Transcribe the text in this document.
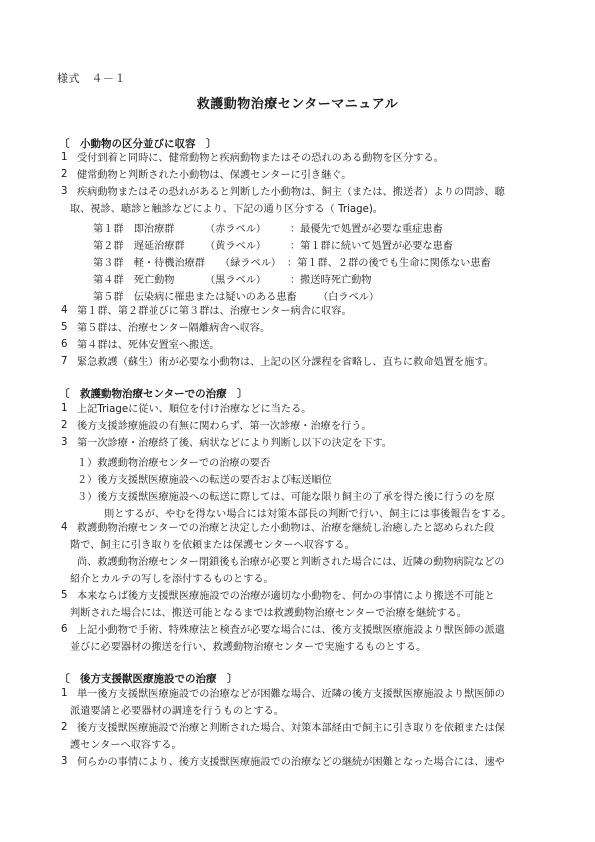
様式　４－１
救護動物治療センターマニュアル
〔　小動物の区分並びに収容　〕
1 受付到着と同時に、健常動物と疾病動物またはその恐れのある動物を区分する。
2 健常動物と判断された小動物は、保護センターに引き継ぐ。
3 疾病動物またはその恐れがあると判断した小動物は、飼主（または、搬送者）よりの問診、聴
取、視診、聴診と触診などにより、下記の通り区分する（ Triage)。
第１群　即治療群	（赤ラベル） ：最優先で処置が必要な重症患畜
第２群　遅延治療群 （黄ラベル） ：第１群に続いて処置が必要な患畜
第３群　軽・待機治療群 （緑ラベル） ：第１群、２群の後でも生命に関係ない患畜
第４群　死亡動物	（黒ラベル） ：搬送時死亡動物
第５群　伝染病に罹患または疑いのある患畜 （白ラベル）
4 第１群、第２群並びに第３群は、治療センター病舎に収容。
5 第５群は、治療センター隔離病舎へ収容。
6 第４群は、死体安置室へ搬送。
7 緊急救護（蘇生）術が必要な小動物は、上記の区分課程を省略し、直ちに救命処置を施す。
〔　救護動物治療センターでの治療　〕
1 上記Triageに従い、順位を付け治療などに当たる。
2 後方支援診療施設の有無に関わらず、第一次診療・治療を行う。
3 第一次診療・治療終了後、病状などにより判断し以下の決定を下す。
１）救護動物治療センターでの治療の要否
２）後方支援獣医療施設への転送の要否および転送順位
３）後方支援獣医療施設への転送に際しては、可能な限り飼主の了承を得た後に行うのを原
則とするが、やむを得ない場合には対策本部長の判断で行い、飼主には事後報告をする。
4 救護動物治療センターでの治療と決定した小動物は、治療を継続し治癒したと認められた段
階で、飼主に引き取りを依頼または保護センターへ収容する。
尚、救護動物治療センター閉鎖後も治療が必要と判断された場合には、近隣の動物病院などの
紹介とカルテの写しを添付するものとする。
5 本来ならば後方支援獣医療施設での治療が適切な小動物を、何かの事情により搬送不可能と
判断された場合には、搬送可能となるまでは救護動物治療センターで治療を継続する。
6 上記小動物で手術、特殊療法と検査が必要な場合には、後方支援獣医療施設より獣医師の派遣
並びに必要器材の搬送を行い、救護動物治療センターで実施するものとする。
〔　後方支援獣医療施設での治療　〕
1 単一後方支援獣医療施設での治療などが困難な場合、近隣の後方支援獣医療施設より獣医師の
派遣要請と必要器材の調達を行うものとする。
2 後方支援獣医療施設で治療と判断された場合、対策本部経由で飼主に引き取りを依頼または保
護センターへ収容する。
3 何らかの事情により、後方支援獣医療施設での治療などの継続が困難となった場合には、速や
